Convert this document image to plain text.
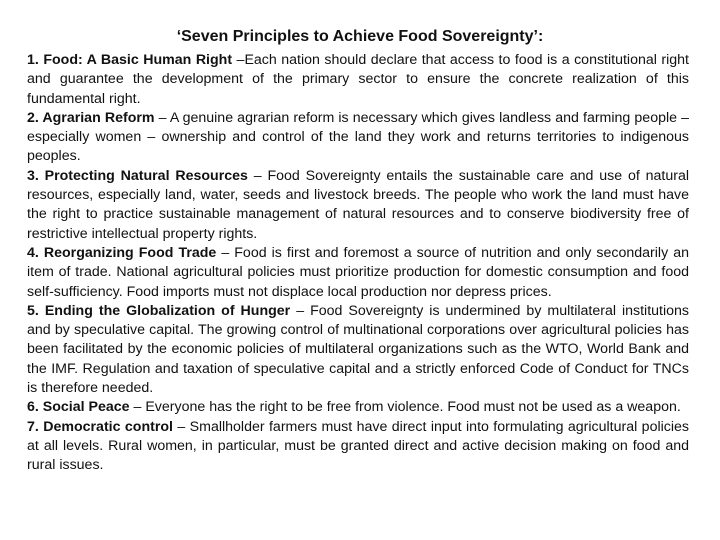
‘Seven Principles to Achieve Food Sovereignty’:

1. Food: A Basic Human Right –Each nation should declare that access to food is a constitutional right and guarantee the development of the primary sector to ensure the concrete realization of this fundamental right.

2. Agrarian Reform – A genuine agrarian reform is necessary which gives landless and farming people – especially women – ownership and control of the land they work and returns territories to indigenous peoples.

3. Protecting Natural Resources – Food Sovereignty entails the sustainable care and use of natural resources, especially land, water, seeds and livestock breeds. The people who work the land must have the right to practice sustainable management of natural resources and to conserve biodiversity free of restrictive intellectual property rights.

4. Reorganizing Food Trade – Food is first and foremost a source of nutrition and only secondarily an item of trade. National agricultural policies must prioritize production for domestic consumption and food self-sufficiency. Food imports must not displace local production nor depress prices.

5. Ending the Globalization of Hunger – Food Sovereignty is undermined by multilateral institutions and by speculative capital. The growing control of multinational corporations over agricultural policies has been facilitated by the economic policies of multilateral organizations such as the WTO, World Bank and the IMF. Regulation and taxation of speculative capital and a strictly enforced Code of Conduct for TNCs is therefore needed.

6. Social Peace – Everyone has the right to be free from violence. Food must not be used as a weapon.

7. Democratic control – Smallholder farmers must have direct input into formulating agricultural policies at all levels. Rural women, in particular, must be granted direct and active decision making on food and rural issues.
